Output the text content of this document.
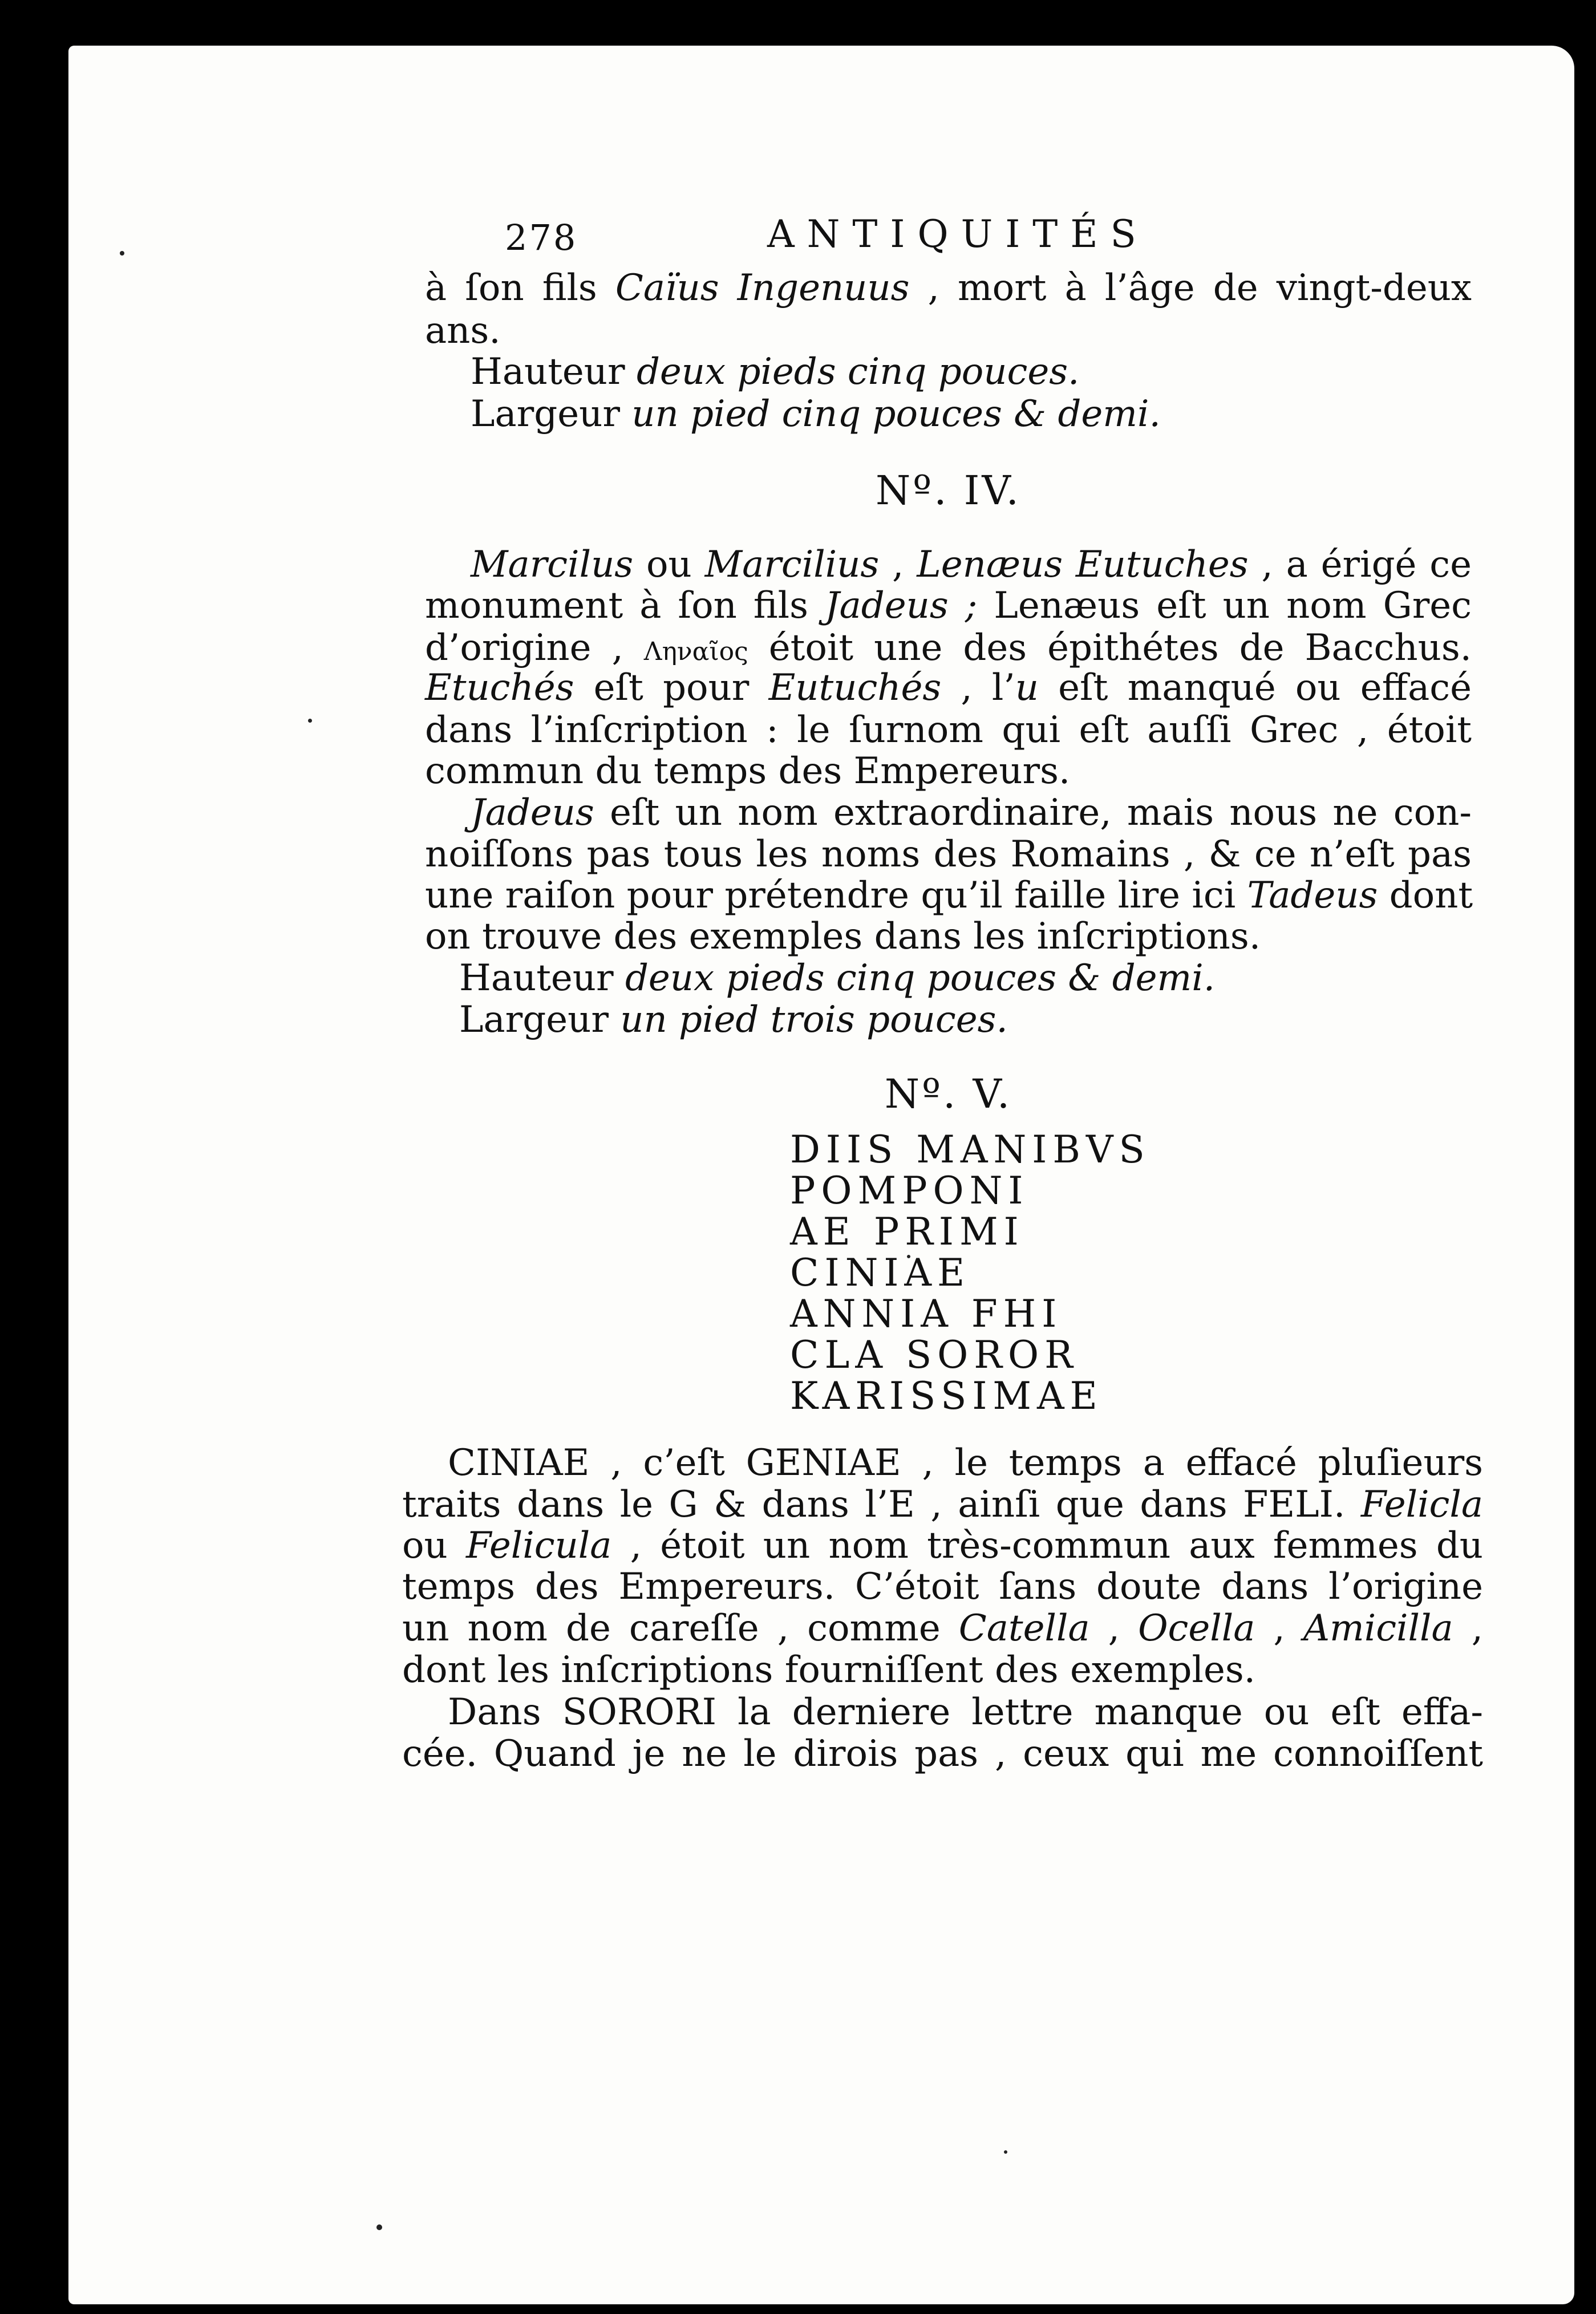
278	ANTIQUITÉS
à ſon fils Caïus Ingenuus , mort à l’âge de vingt-deux
ans.
Hauteur deux pieds cinq pouces.
Largeur un pied cinq pouces & demi.
Nº. IV.
Marcilus ou Marcilius , Lenæus Eutuches , a érigé ce
monument à ſon fils Jadeus ; Lenæus eſt un nom Grec
d’origine , Ληναῖος étoit une des épithétes de Bacchus.
Etuchés eſt pour Eutuchés , l’u eſt manqué ou effacé
dans l’inſcription : le ſurnom qui eſt auſſi Grec , étoit
commun du temps des Empereurs.
Jadeus eſt un nom extraordinaire, mais nous ne con-
noiſſons pas tous les noms des Romains , & ce n’eſt pas
une raiſon pour prétendre qu’il faille lire ici Tadeus dont
on trouve des exemples dans les inſcriptions.
Hauteur deux pieds cinq pouces & demi.
Largeur un pied trois pouces.
Nº. V.
CINIAE , c’eſt GENIAE , le temps a effacé pluſieurs
traits dans le G & dans l’E , ainſi que dans FELI. Felicla
ou Felicula , étoit un nom très-commun aux femmes du
temps des Empereurs. C’étoit ſans doute dans l’origine
un nom de careſſe , comme Catella , Ocella , Amicilla ,
dont les inſcriptions fourniſſent des exemples.
Dans SORORI la derniere lettre manque ou eſt effa-
cée. Quand je ne le dirois pas , ceux qui me connoiſſent
DIIS MANIBVS
POMPONI
AE PRIMI
CINIAE
ANNIA FHI
CLA SOROR
KARISSIMAE
